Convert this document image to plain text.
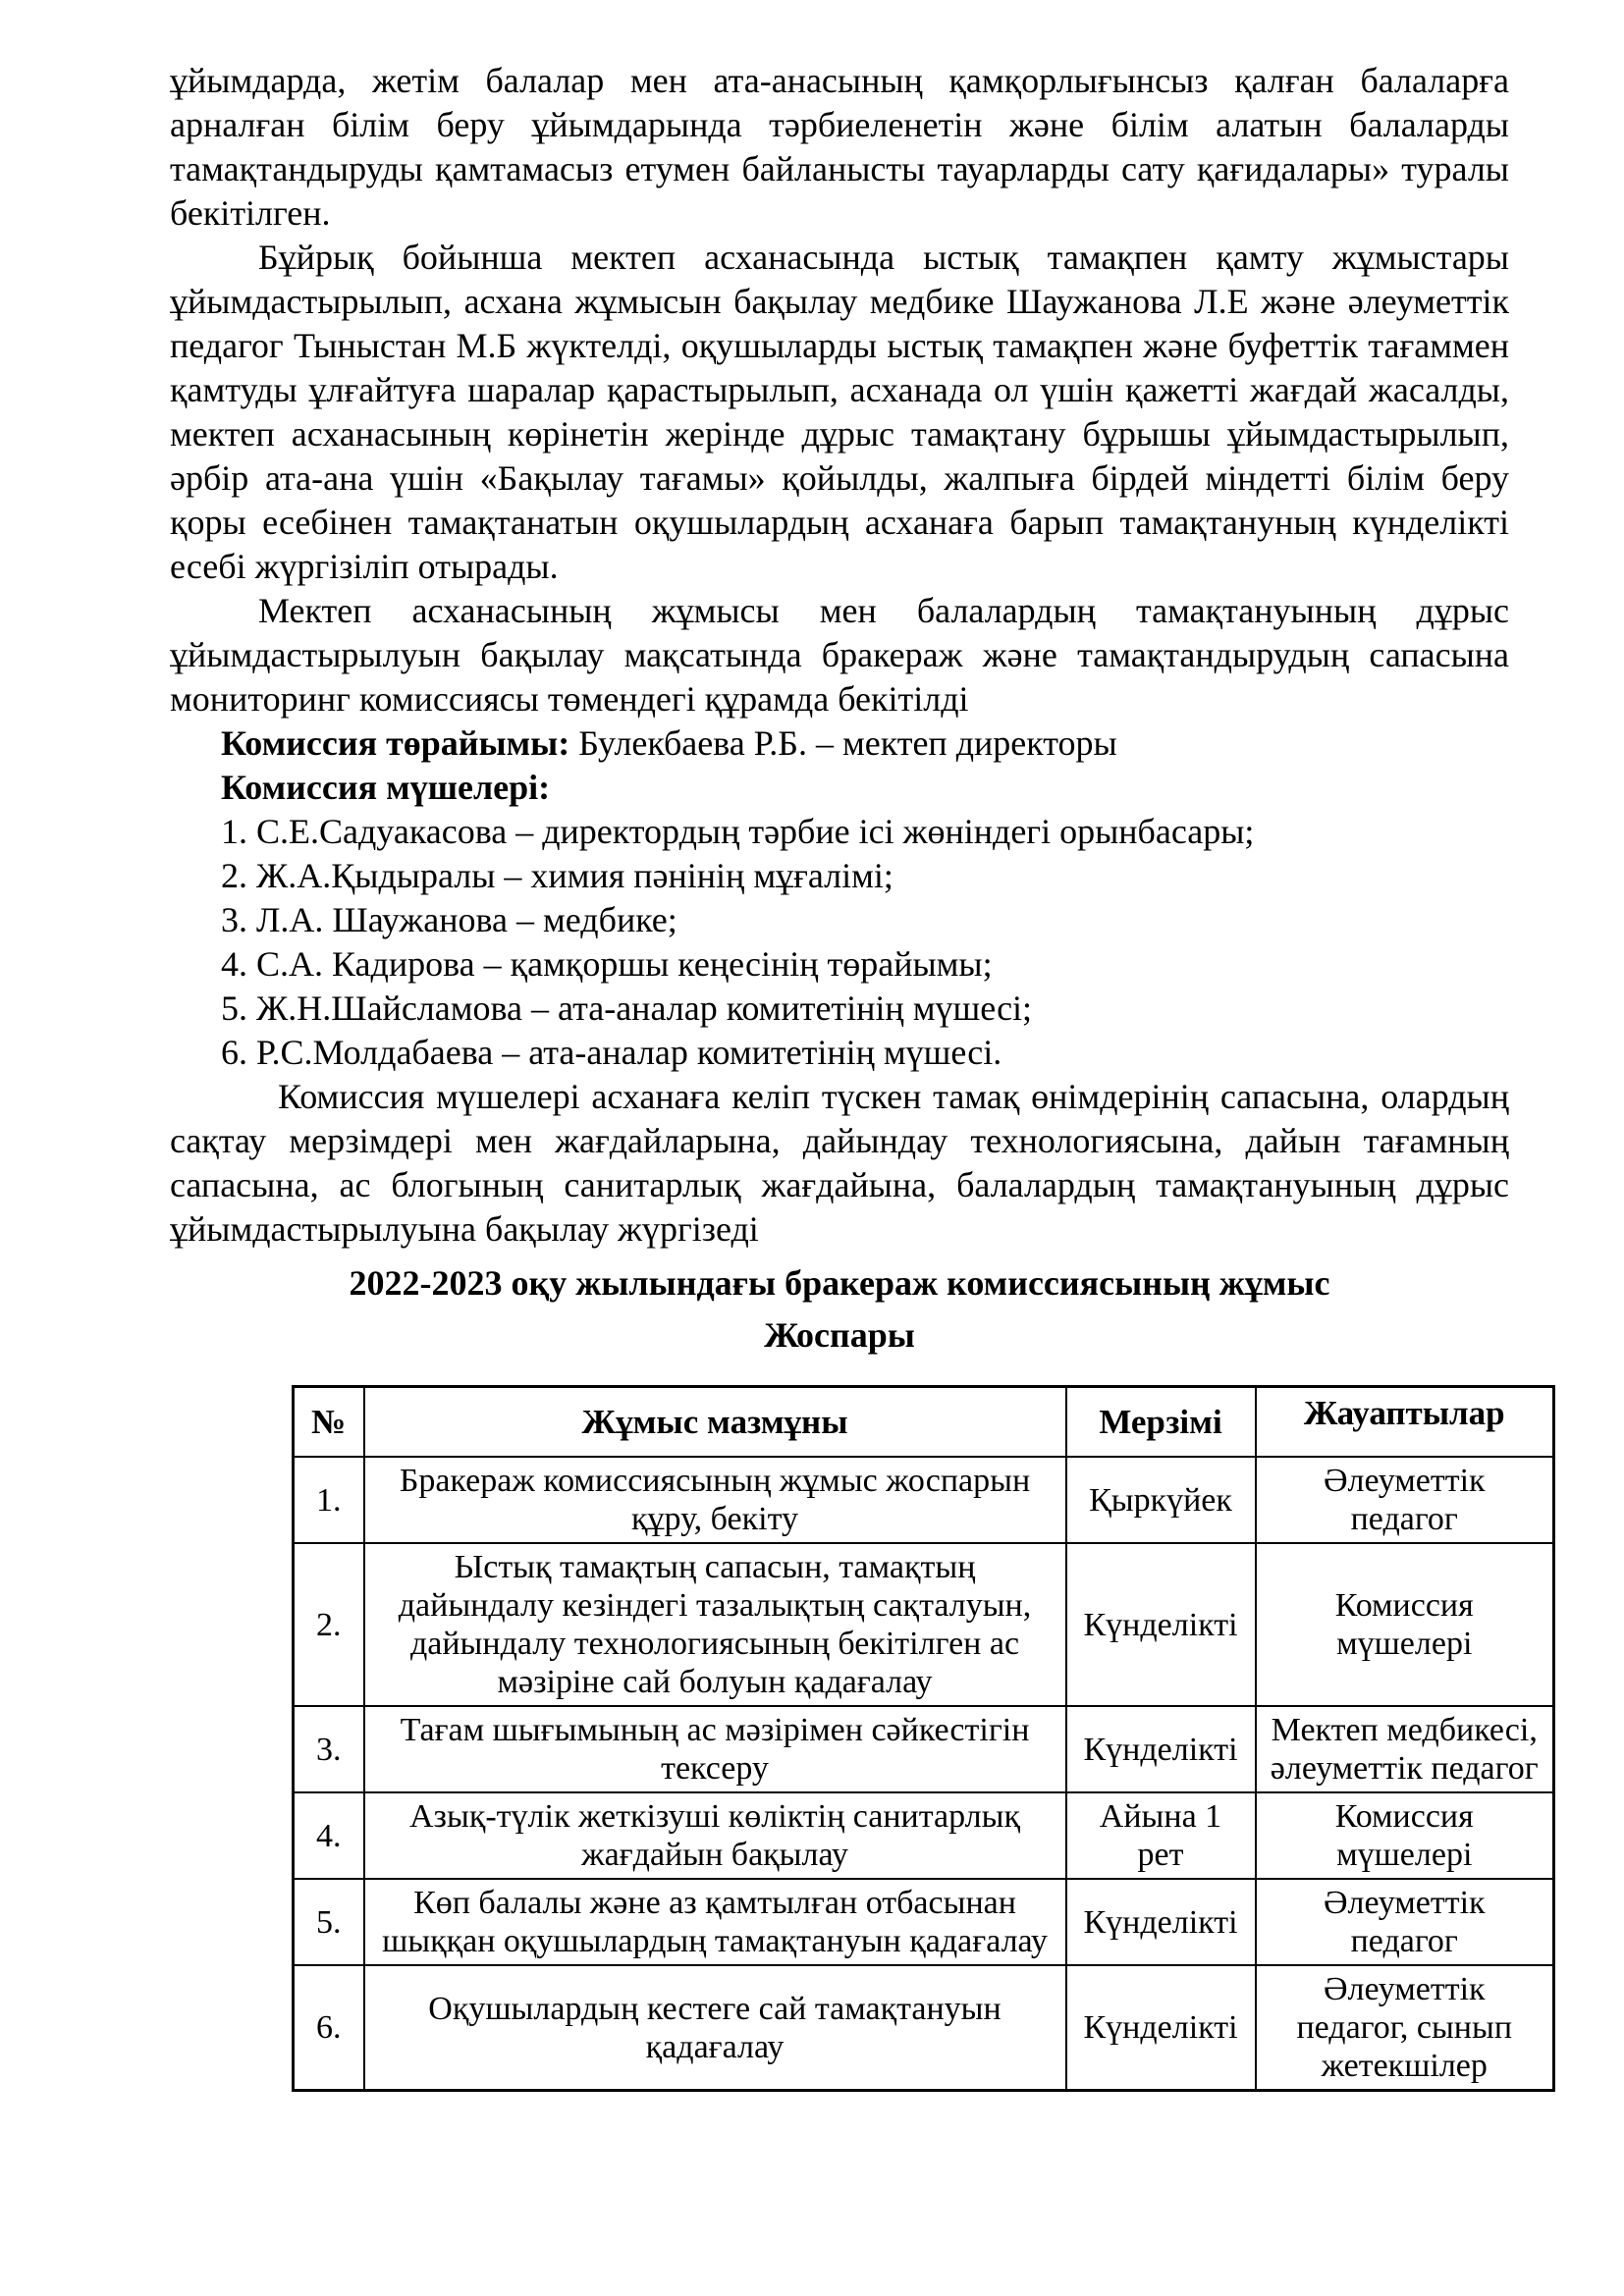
ұйымдарда, жетім балалар мен ата-анасының қамқорлығынсыз қалған балаларға арналған білім беру ұйымдарында тәрбиеленетін және білім алатын балаларды тамақтандыруды қамтамасыз етумен байланысты тауарларды сату қағидалары» туралы бекітілген.

Бұйрық бойынша мектеп асханасында ыстық тамақпен қамту жұмыстары ұйымдастырылып, асхана жұмысын бақылау медбике Шаужанова Л.Е және әлеуметтік педагог Тыныстан М.Б жүктелді, оқушыларды ыстық тамақпен және буфеттік тағаммен қамтуды ұлғайтуға шаралар қарастырылып, асханада ол үшін қажетті жағдай жасалды, мектеп асханасының көрінетін жерінде дұрыс тамақтану бұрышы ұйымдастырылып, әрбір ата-ана үшін «Бақылау тағамы» қойылды, жалпыға бірдей міндетті білім беру қоры есебінен тамақтанатын оқушылардың асханаға барып тамақтануның күнделікті есебі жүргізіліп отырады.

Мектеп асханасының жұмысы мен балалардың тамақтануының дұрыс ұйымдастырылуын бақылау мақсатында бракераж және тамақтандырудың сапасына мониторинг комиссиясы төмендегі құрамда бекітілді

Комиссия төрайымы: Булекбаева Р.Б. – мектеп директоры

Комиссия мүшелері:

1. С.Е.Садуакасова – директордың тәрбие ісі жөніндегі орынбасары;

2. Ж.А.Қыдыралы – химия пәнінің мұғалімі;

3. Л.А. Шаужанова – медбике;

4. С.А. Кадирова – қамқоршы кеңесінің төрайымы;

5. Ж.Н.Шайсламова – ата-аналар комитетінің мүшесі;

6. Р.С.Молдабаева – ата-аналар комитетінің мүшесі.

Комиссия мүшелері асханаға келіп түскен тамақ өнімдерінің сапасына, олардың сақтау мерзімдері мен жағдайларына, дайындау технологиясына, дайын тағамның сапасына, ас блогының санитарлық жағдайына, балалардың тамақтануының дұрыс ұйымдастырылуына бақылау жүргізеді

2022-2023 оқу жылындағы бракераж комиссиясының жұмыс
Жоспары
№	Жұмыс мазмұны	Мерзімі	Жауаптылар
1.	Бракераж комиссиясының жұмыс жоспарын құру, бекіту	Қыркүйек	Әлеуметтік педагог
2.	Ыстық тамақтың сапасын, тамақтың дайындалу кезіндегі тазалықтың сақталуын, дайындалу технологиясының бекітілген ас мәзіріне сай болуын қадағалау	Күнделікті	Комиссия мүшелері
3.	Тағам шығымының ас мәзірімен сәйкестігін тексеру	Күнделікті	Мектеп медбикесі, әлеуметтік педагог
4.	Азық-түлік жеткізуші көліктің санитарлық жағдайын бақылау	Айына 1 рет	Комиссия мүшелері
5.	Көп балалы және аз қамтылған отбасынан шыққан оқушылардың тамақтануын қадағалау	Күнделікті	Әлеуметтік педагог
6.	Оқушылардың кестеге сай тамақтануын қадағалау	Күнделікті	Әлеуметтік педагог, сынып жетекшілер
